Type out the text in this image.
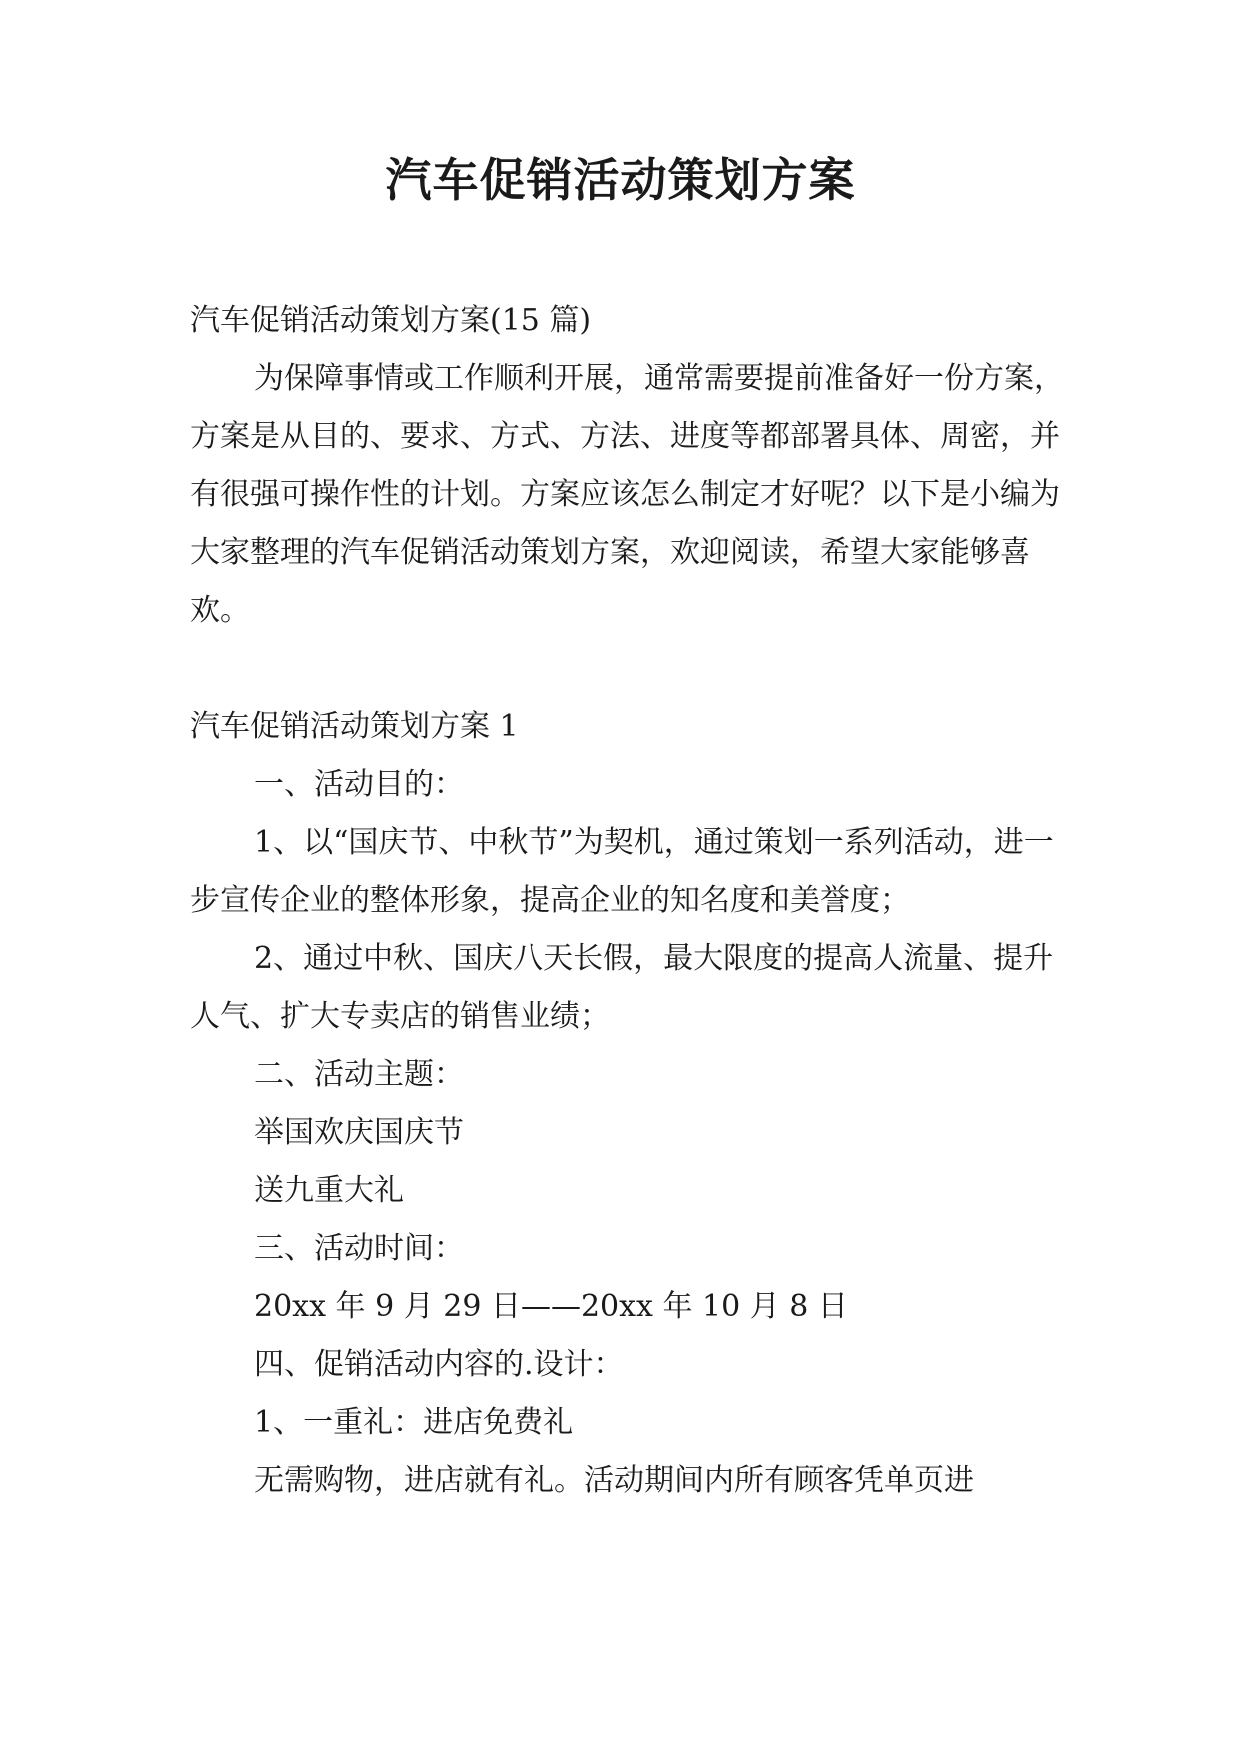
汽车促销活动策划方案

汽车促销活动策划方案(15 篇)

为保障事情或工作顺利开展，通常需要提前准备好一份方案，方案是从目的、要求、方式、方法、进度等都部署具体、周密，并有很强可操作性的计划。方案应该怎么制定才好呢？以下是小编为大家整理的汽车促销活动策划方案，欢迎阅读，希望大家能够喜欢。

汽车促销活动策划方案 1

一、活动目的：

1、以“国庆节、中秋节”为契机，通过策划一系列活动，进一步宣传企业的整体形象，提高企业的知名度和美誉度；

2、通过中秋、国庆八天长假，最大限度的提高人流量、提升人气、扩大专卖店的销售业绩；

二、活动主题：

举国欢庆国庆节

送九重大礼

三、活动时间：

20xx 年 9 月 29 日——20xx 年 10 月 8 日

四、促销活动内容的.设计：

1、一重礼：进店免费礼

无需购物，进店就有礼。活动期间内所有顾客凭单页进
